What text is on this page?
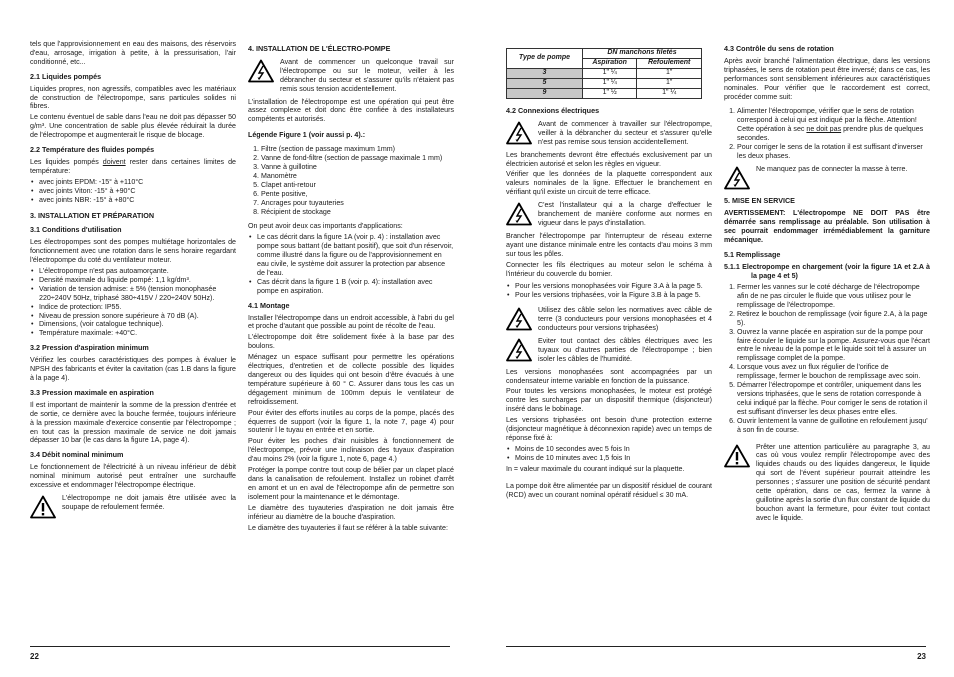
tels que l'approvisionnement en eau des maisons, des réservoirs d'eau, arrosage, irrigation à petite, à la pressurisation, l'air conditionné, etc...

2.1 Liquides pompés

Liquides propres, non agressifs, compatibles avec les matériaux de construction de l'électropompe, sans particules solides ni fibres.

Le contenu éventuel de sable dans l'eau ne doit pas dépasser 50 g/m³. Une concentration de sable plus élevée réduirait la durée de l'électropompe et augmenterait le risque de blocage.

2.2 Température des fluides pompés

Les liquides pompés doivent rester dans certaines limites de température:

• avec joints EPDM: -15° à +110°C
• avec joints Viton: -15° à +90°C
• avec joints NBR: -15° à +80°C
3. INSTALLATION ET PRÉPARATION
3.1 Conditions d'utilisation

Les électropompes sont des pompes multiétage horizontales de fonctionnement avec une rotation dans le sens horaire regardant l'électropompe du coté du ventilateur moteur.

• L'électropompe n'est pas autoamorçante.
• Densité maximale du liquide pompé: 1,1 kg/dm³.
• Variation de tension admise: ± 5% (tension monophasée 220÷240V 50Hz, triphasé 380÷415V / 220÷240V 50Hz).
• Indice de protection: IP55.
• Niveau de pression sonore supérieure à 70 dB (A).
• Dimensions, (voir catalogue technique).
• Température maximale: +40°C.
3.2 Pression d'aspiration minimum

Vérifiez les courbes caractéristiques des pompes à évaluer le NPSH des fabricants et éviter la cavitation (cas 1.B dans la figure à la page 4).

3.3 Pression maximale en aspiration

Il est important de maintenir la somme de la pression d'entrée et de sortie, ce dernière avec la bouche fermée, toujours inférieure à la pression maximale d'exercice consentie par l'électropompe ; en tout cas la pression maximale de service ne doit jamais dépasser 10 bar (le cas dans la figure 1A, page 4).

3.4 Débit nominal minimum

Le fonctionnement de l'électricité à un niveau inférieur de débit nominal minimum autorisé peut entraîner une surchauffe excessive et endommager l'électropompe électrique.

L'électropompe ne doit jamais être utilisée avec la soupape de refoulement fermée.
4. INSTALLATION DE L'ÉLECTRO-POMPE
Avant de commencer un quelconque travail sur l'électropompe ou sur le moteur, veiller à les débrancher du secteur et s'assurer qu'ils n'étaient pas remis sous tension accidentellement.

L'installation de l'électropompe est une opération qui peut être assez complexe et doit donc être confiée à des installateurs compétents et autorisés.

Légende Figure 1 (voir aussi p. 4).:

1. Filtre (section de passage maximum 1mm)
2. Vanne de fond-filtre (section de passage maximale 1 mm)
3. Vanne à guillotine
4. Manomètre
5. Clapet anti-retour
6. Pente positive,
7. Ancrages pour tuyauteries
8. Récipient de stockage

On peut avoir deux cas importants d'applications:

• Le cas décrit dans la figure 1A (voir p. 4) : installation avec pompe sous battant (de battant positif), que soit d'un réservoir, comme illustré dans la figure ou de l'approvisionnement en eau civile, le système doit assurer la protection par absence de l'eau.
• Cas décrit dans la figure 1 B (voir p. 4): installation avec pompe en aspiration.
4.1 Montage

Installer l'électropompe dans un endroit accessible, à l'abri du gel et proche d'autant que possible au point de récolte de l'eau.

L'électropompe doit être solidement fixée à la base par des boulons.

Ménagez un espace suffisant pour permettre les opérations électriques, d'entretien et de collecte possible des liquides dangereux ou des liquides qui ont besoin d'être évacués à une température supérieure à 60 ° C. Assurer dans tous les cas un dégagement minimum de 100mm depuis le ventilateur de refroidissement.

Pour éviter des efforts inutiles au corps de la pompe, placés des équerres de support (voir la figure 1, la note 7, page 4) pour soutenir l le tuyau en entrée et en sortie.

Pour éviter les poches d'air nuisibles à fonctionnement de l'électropompe, prévoir une inclinaison des tuyaux d'aspiration d'au moins 2% (voir la figure 1, note 6, page 4.)

Protéger la pompe contre tout coup de bélier par un clapet placé dans la canalisation de refoulement. Installez un robinet d'arrêt en amont et un en aval de l'électropompe afin de permettre son isolement pour la maintenance et le démontage.

Le diamètre des tuyauteries d'aspiration ne doit jamais être inférieur au diamètre de la bouche d'aspiration.

Le diamètre des tuyauteries il faut se référer à la table suivante:

22
Type de pompe	DN manchons filetés	
	Aspiration	Refoulement
3	1" ¼	1"
5	1" ¼	1"
9	1" ½	1" ¼
4.2 Connexions électriques
Avant de commencer à travailler sur l'électropompe, veiller à la débrancher du secteur et s'assurer qu'elle n'est pas remise sous tension accidentellement.

Les branchements devront être effectués exclusivement par un électricien autorisé et selon les règles en vigueur.

Vérifier que les données de la plaquette correspondent aux valeurs nominales de la ligne. Effectuer le branchement en vérifiant qu'il existe un circuit de terre efficace.

C'est l'installateur qui a la charge d'effectuer le branchement de manière conforme aux normes en vigueur dans le pays d'installation.

Brancher l'électropompe par l'interrupteur de réseau externe ayant une distance minimale entre les contacts d'au moins 3 mm sur tous les pôles.

Connecter les fils électriques au moteur selon le schéma à l'intérieur du couvercle du bornier.

• Pour les versions monophasées voir Figure 3.A à la page 5.
• Pour les versions triphasées, voir la Figure 3.B à la page 5.
Utilisez des câble selon les normatives avec câble de terre (3 conducteurs pour versions monophasées et 4 conducteurs pour versions triphasées)
Eviter tout contact des câbles électriques avec les tuyaux ou d'autres parties de l'électropompe ; bien isoler les câbles de l'humidité.

Les versions monophasées sont accompagnées par un condensateur interne variable en fonction de la puissance.

Pour toutes les versions monophasées, le moteur est protégé contre les surcharges par un dispositif thermique (disjoncteur) inséré dans le bobinage.

Les versions triphasées ont besoin d'une protection externe (disjoncteur magnétique à déconnexion rapide) avec un temps de réponse fixé à:

• Moins de 10 secondes avec 5 fois In
• Moins de 10 minutes avec 1,5 fois In

In = valeur maximale du courant indiqué sur la plaquette.

La pompe doit être alimentée par un dispositif résiduel de courant (RCD) avec un courant nominal opératif résiduel ≤ 30 mA.

4.3 Contrôle du sens de rotation

Après avoir branché l'alimentation électrique, dans les versions triphasées, le sens de rotation peut être inversé; dans ce cas, les performances sont sensiblement inférieures aux caractéristiques nominales. Pour vérifier que le raccordement est correct, procéder comme suit:

1. Alimenter l'électropompe, vérifier que le sens de rotation correspond à celui qui est indiqué par la flèche. Attention! Cette opération à sec ne doit pas prendre plus de quelques secondes.
2. Pour corriger le sens de la rotation il est suffisant d'inverser les deux phases.
Ne manquez pas de connecter la masse à terre.
5. MISE EN SERVICE

AVERTISSEMENT: L'électropompe NE DOIT PAS être démarrée sans remplissage au préalable. Son utilisation à sec pourrait endommager irrémédiablement la garniture mécanique.

5.1 Remplissage

5.1.1 Electropompe en chargement (voir la figure 1A et 2.A à la page 4 et 5)

1. Fermer les vannes sur le coté décharge de l'électropompe afin de ne pas circuler le fluide que vous utilisez pour le remplissage de l'électropompe.
2. Retirez le bouchon de remplissage (voir figure 2.A, à la page 5).
3. Ouvrez la vanne placée en aspiration sur de la pompe pour faire écouler le liquide sur la pompe. Assurez-vous que l'écart entre le niveau de la pompe et le liquide soit tel à assurer un remplissage complet de la pompe.
4. Lorsque vous avez un flux régulier de l'orifice de remplissage, fermer le bouchon de remplissage avec soin.
5. Démarrer l'électropompe et contrôler, uniquement dans les versions triphasées, que le sens de rotation corresponde à celui indiqué par la flèche. Pour corriger le sens de rotation il est suffisant d'inverser les deux phases entre elles.
6. Ouvrir lentement la vanne de guillotine en refoulement jusqu' à son fin de course.
Prêter une attention particulière au paragraphe 3, au cas où vous voulez remplir l'électropompe avec des liquides chauds ou des liquides dangereux, le liquide qui sort de l'évent supérieur pourrait atteindre les personnes ; s'assurer une position de sécurité pendant cette opération, dans ce cas, fermez la vanne à guillotine après la sortie d'un flux constant de liquide du bouchon avant la fermeture, pour éviter tout contact avec le liquide.
23
